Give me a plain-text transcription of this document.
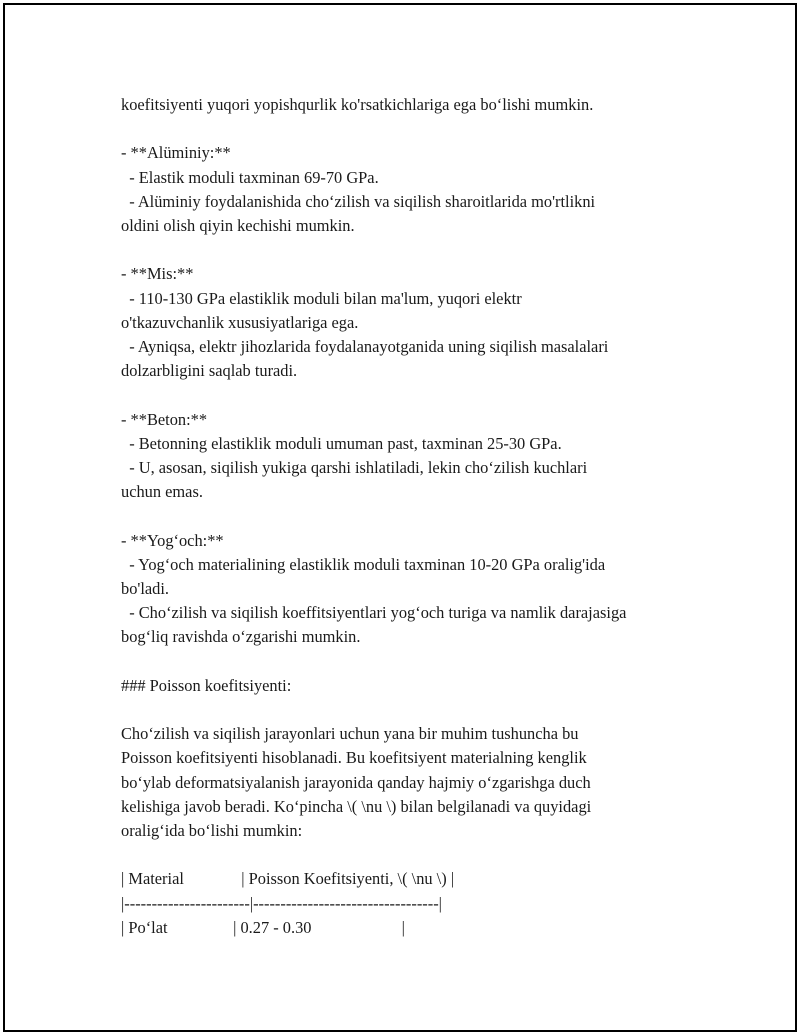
koefitsiyenti yuqori yopishqurlik ko'rsatkichlariga ega bo‘lishi mumkin.
- **Alüminiy:**
- Elastik moduli taxminan 69-70 GPa.
- Alüminiy foydalanishida cho‘zilish va siqilish sharoitlarida mo'rtlikni
oldini olish qiyin kechishi mumkin.
- **Mis:**
- 110-130 GPa elastiklik moduli bilan ma'lum, yuqori elektr
o'tkazuvchanlik xususiyatlariga ega.
- Ayniqsa, elektr jihozlarida foydalanayotganida uning siqilish masalalari
dolzarbligini saqlab turadi.
- **Beton:**
- Betonning elastiklik moduli umuman past, taxminan 25-30 GPa.
- U, asosan, siqilish yukiga qarshi ishlatiladi, lekin cho‘zilish kuchlari
uchun emas.
- **Yog‘och:**
- Yog‘och materialining elastiklik moduli taxminan 10-20 GPa oralig'ida
bo'ladi.
- Cho‘zilish va siqilish koeffitsiyentlari yog‘och turiga va namlik darajasiga
bog‘liq ravishda o‘zgarishi mumkin.
### Poisson koefitsiyenti:
Cho‘zilish va siqilish jarayonlari uchun yana bir muhim tushuncha bu
Poisson koefitsiyenti hisoblanadi. Bu koefitsiyent materialning kenglik
bo‘ylab deformatsiyalanish jarayonida qanday hajmiy o‘zgarishga duch
kelishiga javob beradi. Ko‘pincha \( \nu \) bilan belgilanadi va quyidagi
oralig‘ida bo‘lishi mumkin:
| Material              | Poisson Koefitsiyenti, \( \nu \) |
|-----------------------|----------------------------------|
| Po‘lat                | 0.27 - 0.30                      |
